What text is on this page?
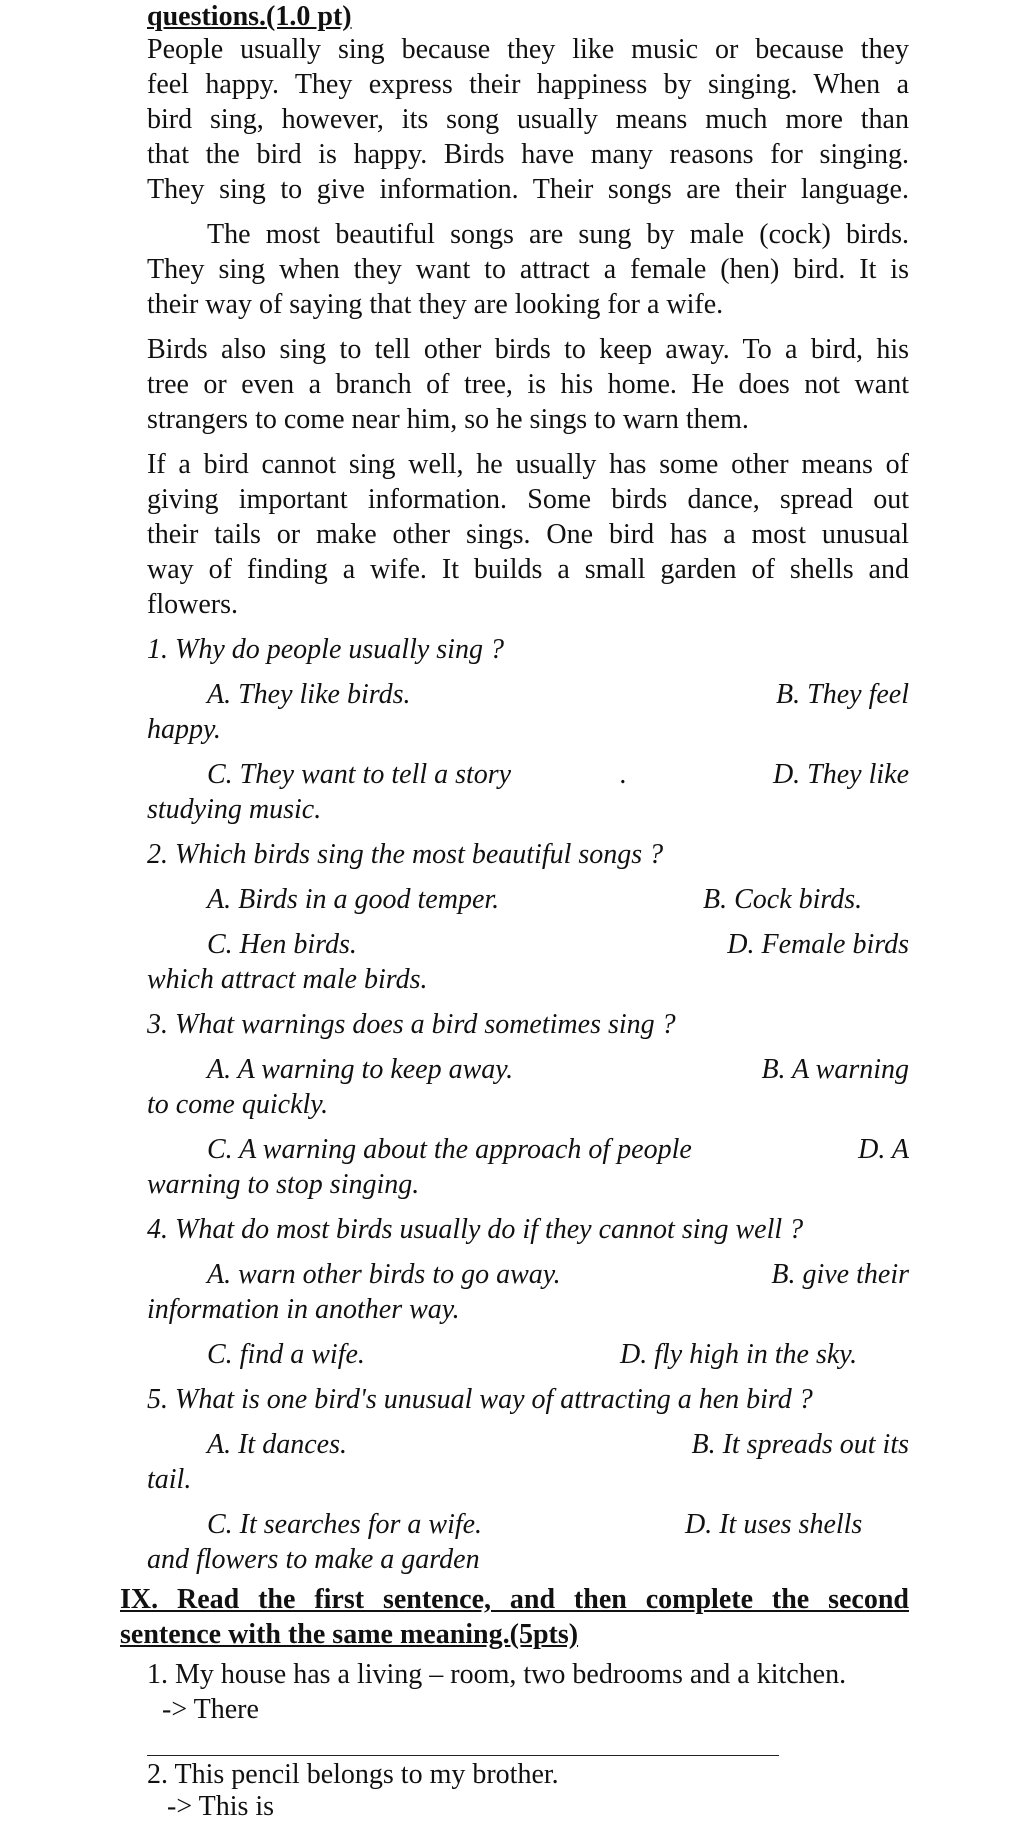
questions.(1.0 pt)
People usually sing because they like music or because they
feel happy. They express their happiness by singing. When a
bird sing, however, its song usually means much more than
that the bird is happy. Birds have many reasons for singing.
They sing to give information. Their songs are their language.
The most beautiful songs are sung by male (cock) birds.
They sing when they want to attract a female (hen) bird. It is
their way of saying that they are looking for a wife.
Birds also sing to tell other birds to keep away. To a bird, his
tree or even a branch of tree, is his home. He does not want
strangers to come near him, so he sings to warn them.
If a bird cannot sing well, he usually has some other means of
giving important information. Some birds dance, spread out
their tails or make other sings. One bird has a most unusual
way of finding a wife. It builds a small garden of shells and
flowers.
1. Why do people usually sing ?
A. They like birds.	B. They feel
happy.
C. They want to tell a story	.	D. They like
studying music.
2. Which birds sing the most beautiful songs ?
A. Birds in a good temper.	B. Cock birds.
C. Hen birds.	D. Female birds
which attract male birds.
3. What warnings does a bird sometimes sing ?
A. A warning to keep away.	B. A warning
to come quickly.
C. A warning about the approach of people	D. A
warning to stop singing.
4. What do most birds usually do if they cannot sing well ?
A. warn other birds to go away.	B. give their
information in another way.
C. find a wife.	D. fly high in the sky.
5. What is one bird's unusual way of attracting a hen bird ?
A. It dances.	B. It spreads out its
tail.
C. It searches for a wife.	D. It uses shells
and flowers to make a garden
IX. Read the first sentence, and then complete the second
sentence with the same meaning.(5pts)
1. My house has a living – room, two bedrooms and a kitchen.
-> There
2. This pencil belongs to my brother.
-> This is
